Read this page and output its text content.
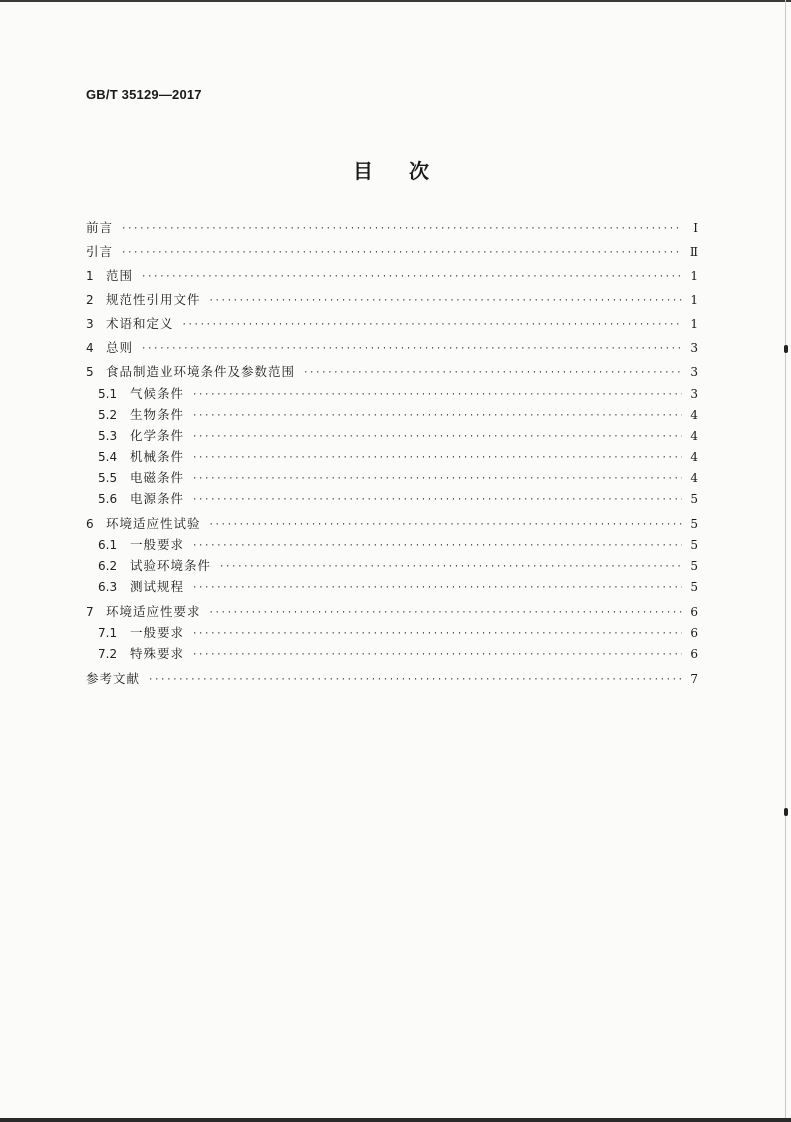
GB/T 35129—2017
目 次
前言 ·····	Ⅰ
引言 ·····	Ⅱ
1 范围 ·····	1
2 规范性引用文件 ·····	1
3 术语和定义 ·····	1
4 总则 ·····	3
5 食品制造业环境条件及参数范围 ·····	3
5.1	气候条件 ·····	3
5.2	生物条件 ·····	4
5.3	化学条件 ·····	4
5.4	机械条件 ·····	4
5.5	电磁条件 ·····	4
5.6	电源条件 ·····	5
6 环境适应性试验 ·····	5
6.1	一般要求 ·····	5
6.2	试验环境条件 ·····	5
6.3	测试规程 ·····	5
7 环境适应性要求 ·····	6
7.1	一般要求 ·····	6
7.2	特殊要求 ·····	6
参考文献 ·····	7
